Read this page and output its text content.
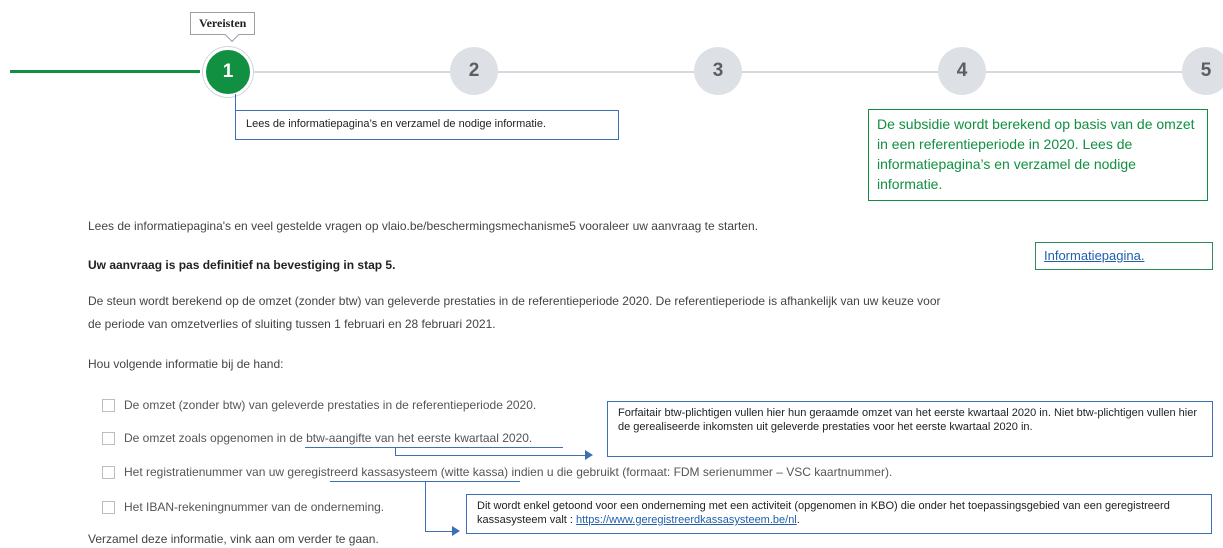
Vereisten
1	2	3	4	5
Lees de informatiepagina’s en verzamel de nodige informatie.	De subsidie wordt berekend op basis van de omzet in een referentieperiode in 2020. Lees de informatiepagina’s en verzamel de nodige informatie.
Lees de informatiepagina's en veel gestelde vragen op vlaio.be/beschermingsmechanisme5 vooraleer uw aanvraag te starten.
Informatiepagina.
Uw aanvraag is pas definitief na bevestiging in stap 5.
De steun wordt berekend op de omzet (zonder btw) van geleverde prestaties in de referentieperiode 2020. De referentieperiode is afhankelijk van uw keuze voor
de periode van omzetverlies of sluiting tussen 1 februari en 28 februari 2021.
Hou volgende informatie bij de hand:
De omzet (zonder btw) van geleverde prestaties in de referentieperiode 2020.
De omzet zoals opgenomen in de btw-aangifte van het eerste kwartaal 2020.
Het registratienummer van uw geregistreerd kassasysteem (witte kassa) indien u die gebruikt (formaat: FDM serienummer – VSC kaartnummer).
Het IBAN-rekeningnummer van de onderneming.
Verzamel deze informatie, vink aan om verder te gaan.
Forfaitair btw-plichtigen vullen hier hun geraamde omzet van het eerste kwartaal 2020 in. Niet btw-plichtigen vullen hier de gerealiseerde inkomsten uit geleverde prestaties voor het eerste kwartaal 2020 in.
Dit wordt enkel getoond voor een onderneming met een activiteit (opgenomen in KBO) die onder het toepassingsgebied van een geregistreerd kassasysteem valt : https://www.geregistreerdkassasysteem.be/nl.
